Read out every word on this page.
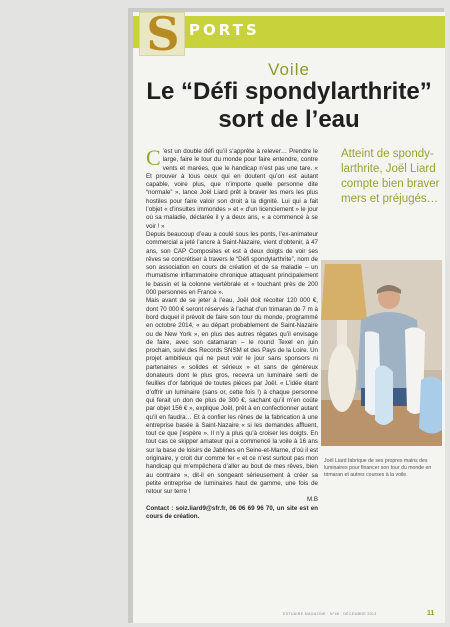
S PORTS
Voile
Le “Défi spondylarthrite”
sort de l’eau

C ’est un double défi qu’il s’apprête à relever… Prendre le large, faire le tour du monde pour faire entendre, contre vents et marées, que le handicap n’est pas une tare. « Et prouver à tous ceux qui en doutent qu’on est autant capable, voire plus, que n’importe quelle personne dite “normale” », lance Joël Liard prêt à braver les mers les plus hostiles pour faire valoir son droit à la dignité. Lui qui a fait l’objet « d’insultes immondes » et « d’un licenciement » le jour où sa maladie, déclarée il y a deux ans, « a commencé à se voir ! »

Depuis beaucoup d’eau a coulé sous les ponts, l’ex-animateur commercial a jeté l’ancre à Saint-Nazaire, vient d’obtenir, à 47 ans, son CAP Composites et est à deux doigts de voir ses rêves se concrétiser à travers le “Défi spondylarthrite”, nom de son association en cours de création et de sa maladie – un rhumatisme inflammatoire chronique attaquant principalement le bassin et la colonne vertébrale et « touchant près de 200 000 personnes en France ».

Mais avant de se jeter à l’eau, Joël doit récolter 120 000 €, dont 70 000 € seront réservés à l’achat d’un trimaran de 7 m à bord duquel il prévoit de faire son tour du monde, programmé en octobre 2014, « au départ probablement de Saint-Nazaire ou de New York », en plus des autres régates qu’il envisage de faire, avec son catamaran – le round Texel en juin prochain, suivi des Records SNSM et des Pays de la Loire. Un projet ambitieux qui ne peut voir le jour sans sponsors ni partenaires « solides et sérieux » et sans de généreux donateurs dont le plus gros, recevra un luminaire serti de feuilles d’or fabriqué de toutes pièces par Joël. « L’idée étant d’offrir un luminaire (sans or, cette fois !) à chaque personne qui ferait un don de plus de 300 €, sachant qu’il m’en coûte par objet 156 € », explique Joël, prêt à en confectionner autant qu’il en faudra… Et à confier les rênes de la fabrication à une entreprise basée à Saint-Nazaire « si les demandes affluent, tout ce que j’espère ». Il n’y a plus qu’à croiser les doigts. En tout cas ce skipper amateur qui a commencé la voile à 16 ans sur la base de loisirs de Jablines en Seine-et-Marne, d’où il est originaire, y croit dur comme fer « et ce n’est surtout pas mon handicap qui m’empêchera d’aller au bout de mes rêves, bien au contraire », dit-il en songeant sérieusement à créer sa petite entreprise de luminaires haut de gamme, une fois de retour sur terre !

M.B

Contact : soiz.liard9@sfr.fr, 06 06 69 96 70, un site est en cours de création.

Atteint de spondylarthrite, Joël Liard compte bien braver mers et préjugés…
Joël Liard fabrique de ses propres mains des luminaires pour financer son tour du monde en trimaran et autres courses à la voile.
ESTUAIRE MAGAZINE · N°48 · DÉCEMBRE 2013	11
